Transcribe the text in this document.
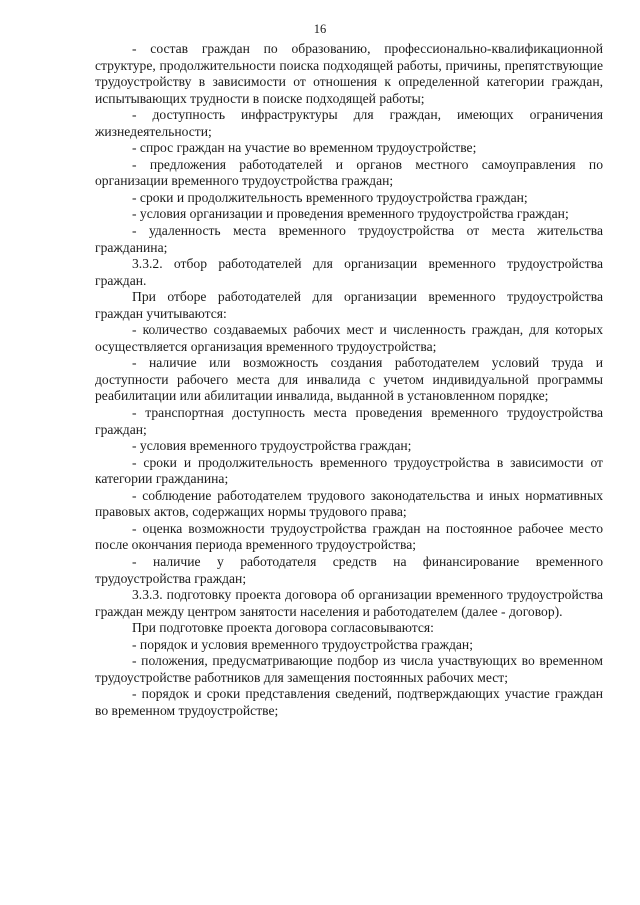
16

- состав граждан по образованию, профессионально-квалификационной структуре, продолжительности поиска подходящей работы, причины, препятствующие трудоустройству в зависимости от отношения к определенной категории граждан, испытывающих трудности в поиске подходящей работы;

- доступность инфраструктуры для граждан, имеющих ограничения жизнедеятельности;

- спрос граждан на участие во временном трудоустройстве;

- предложения работодателей и органов местного самоуправления по организации временного трудоустройства граждан;

- сроки и продолжительность временного трудоустройства граждан;

- условия организации и проведения временного трудоустройства граждан;

- удаленность места временного трудоустройства от места жительства гражданина;

3.3.2. отбор работодателей для организации временного трудоустройства граждан.

При отборе работодателей для организации временного трудоустройства граждан учитываются:

- количество создаваемых рабочих мест и численность граждан, для которых осуществляется организация временного трудоустройства;

- наличие или возможность создания работодателем условий труда и доступности рабочего места для инвалида с учетом индивидуальной программы реабилитации или абилитации инвалида, выданной в установленном порядке;

- транспортная доступность места проведения временного трудоустройства граждан;

- условия временного трудоустройства граждан;

- сроки и продолжительность временного трудоустройства в зависимости от категории гражданина;

- соблюдение работодателем трудового законодательства и иных нормативных правовых актов, содержащих нормы трудового права;

- оценка возможности трудоустройства граждан на постоянное рабочее место после окончания периода временного трудоустройства;

- наличие у работодателя средств на финансирование временного трудоустройства граждан;

3.3.3. подготовку проекта договора об организации временного трудоустройства граждан между центром занятости населения и работодателем (далее - договор).

При подготовке проекта договора согласовываются:

- порядок и условия временного трудоустройства граждан;

- положения, предусматривающие подбор из числа участвующих во временном трудоустройстве работников для замещения постоянных рабочих мест;

- порядок и сроки представления сведений, подтверждающих участие граждан во временном трудоустройстве;
